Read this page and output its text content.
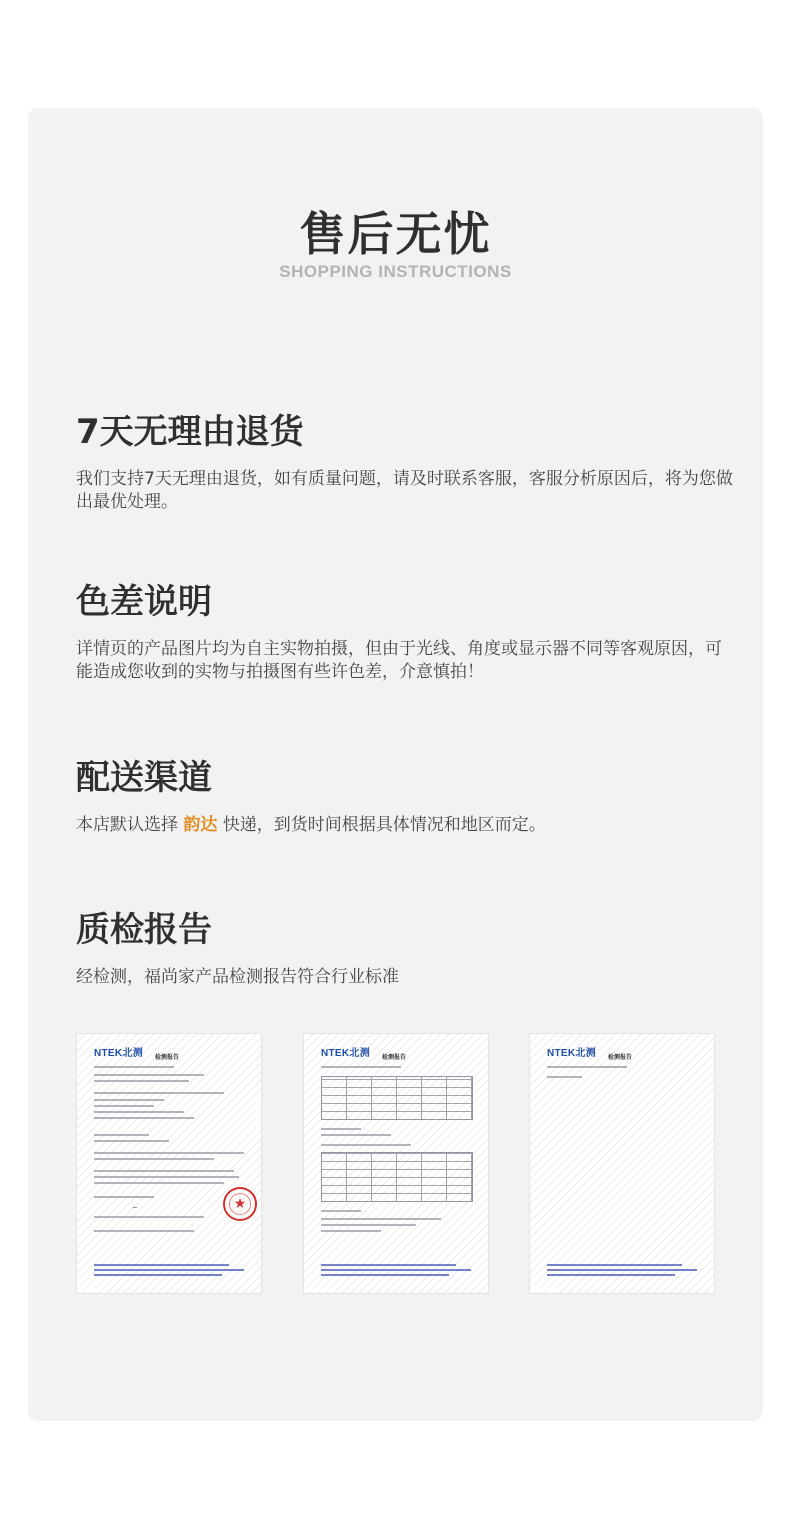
售后无忧
SHOPPING INSTRUCTIONS
7天无理由退货

我们支持7天无理由退货，如有质量问题，请及时联系客服，客服分析原因后，将为您做出最优处理。

色差说明

详情页的产品图片均为自主实物拍摄，但由于光线、角度或显示器不同等客观原因，可能造成您收到的实物与拍摄图有些许色差，介意慎拍！

配送渠道

本店默认选择 韵达 快递，到货时间根据具体情况和地区而定。

质检报告

经检测，福尚家产品检测报告符合行业标准

NTEK北测 检测报告
~	★
NTEK北测 检测报告	NTEK北测 检测报告
